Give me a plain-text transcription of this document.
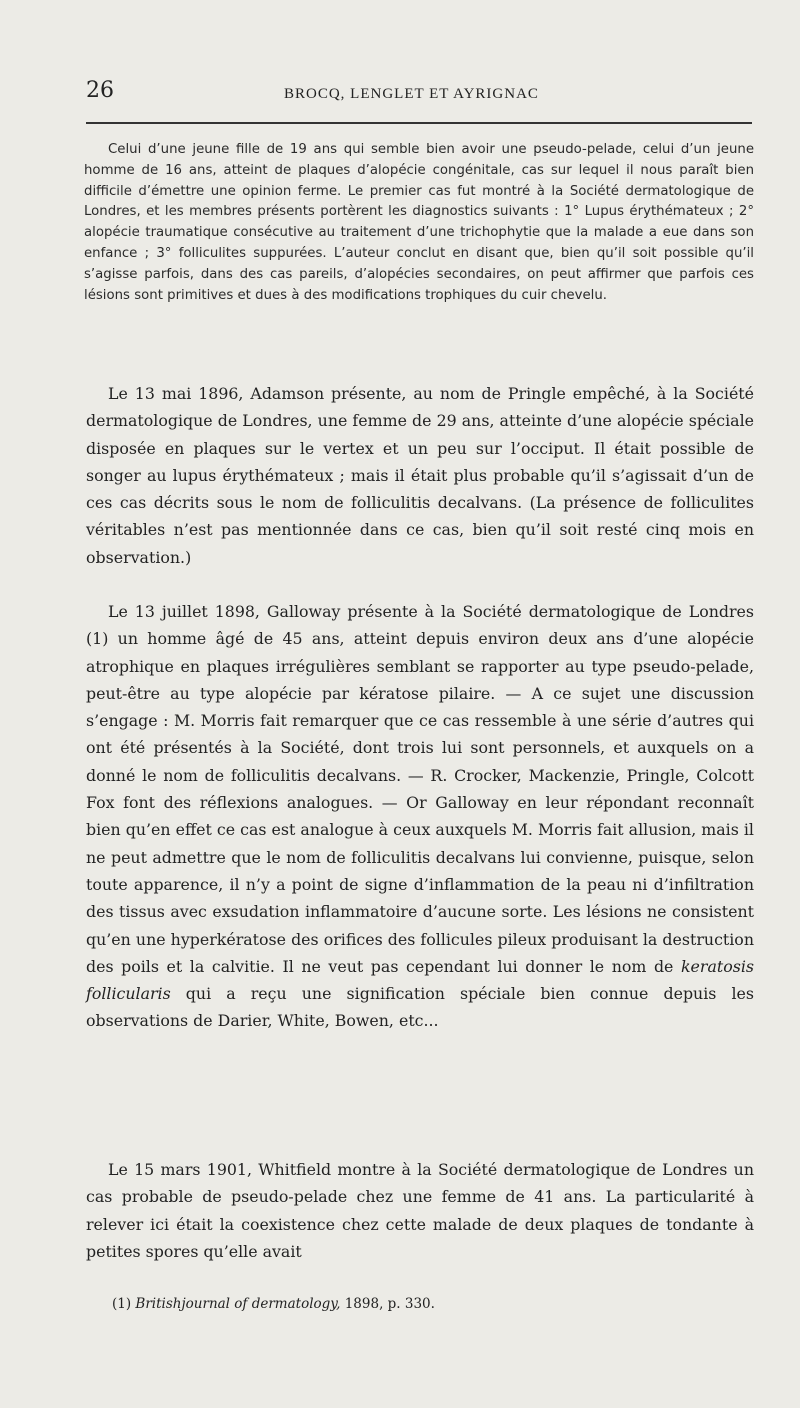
26	BROCQ, LENGLET ET AYRIGNAC

Celui d’une jeune fille de 19 ans qui semble bien avoir une pseudo-pelade, celui d’un jeune homme de 16 ans, atteint de plaques d’alopécie congénitale, cas sur lequel il nous paraît bien difficile d’émettre une opinion ferme. Le premier cas fut montré à la Société dermatologique de Londres, et les membres présents portèrent les diagnostics suivants : 1° Lupus érythémateux ; 2° alopécie traumatique consécutive au traitement d’une trichophytie que la malade a eue dans son enfance ; 3° folliculites suppurées. L’auteur conclut en disant que, bien qu’il soit possible qu’il s’agisse parfois, dans des cas pareils, d’alopécies secondaires, on peut affirmer que parfois ces lésions sont primitives et dues à des modifications trophiques du cuir chevelu.

Le 13 mai 1896, Adamson présente, au nom de Pringle empêché, à la Société dermatologique de Londres, une femme de 29 ans, atteinte d’une alopécie spéciale disposée en plaques sur le vertex et un peu sur l’occiput. Il était possible de songer au lupus érythémateux ; mais il était plus probable qu’il s’agissait d’un de ces cas décrits sous le nom de folliculitis decalvans. (La présence de folliculites véritables n’est pas mentionnée dans ce cas, bien qu’il soit resté cinq mois en observation.)

Le 13 juillet 1898, Galloway présente à la Société dermatologique de Londres (1) un homme âgé de 45 ans, atteint depuis environ deux ans d’une alopécie atrophique en plaques irrégulières semblant se rapporter au type pseudo-pelade, peut-être au type alopécie par kératose pilaire. — A ce sujet une discussion s’engage : M. Morris fait remarquer que ce cas ressemble à une série d’autres qui ont été présentés à la Société, dont trois lui sont personnels, et auxquels on a donné le nom de folliculitis decalvans. — R. Crocker, Mackenzie, Pringle, Colcott Fox font des réflexions analogues. — Or Galloway en leur répondant reconnaît bien qu’en effet ce cas est analogue à ceux auxquels M. Morris fait allusion, mais il ne peut admettre que le nom de folliculitis decalvans lui convienne, puisque, selon toute apparence, il n’y a point de signe d’inflammation de la peau ni d’infiltration des tissus avec exsudation inflammatoire d’aucune sorte. Les lésions ne consistent qu’en une hyperkératose des orifices des follicules pileux produisant la destruction des poils et la calvitie. Il ne veut pas cependant lui donner le nom de keratosis follicularis qui a reçu une signification spéciale bien connue depuis les observations de Darier, White, Bowen, etc...

Le 15 mars 1901, Whitfield montre à la Société dermatologique de Londres un cas probable de pseudo-pelade chez une femme de 41 ans. La particularité à relever ici était la coexistence chez cette malade de deux plaques de tondante à petites spores qu’elle avait

(1) Britishjournal of dermatology, 1898, p. 330.
